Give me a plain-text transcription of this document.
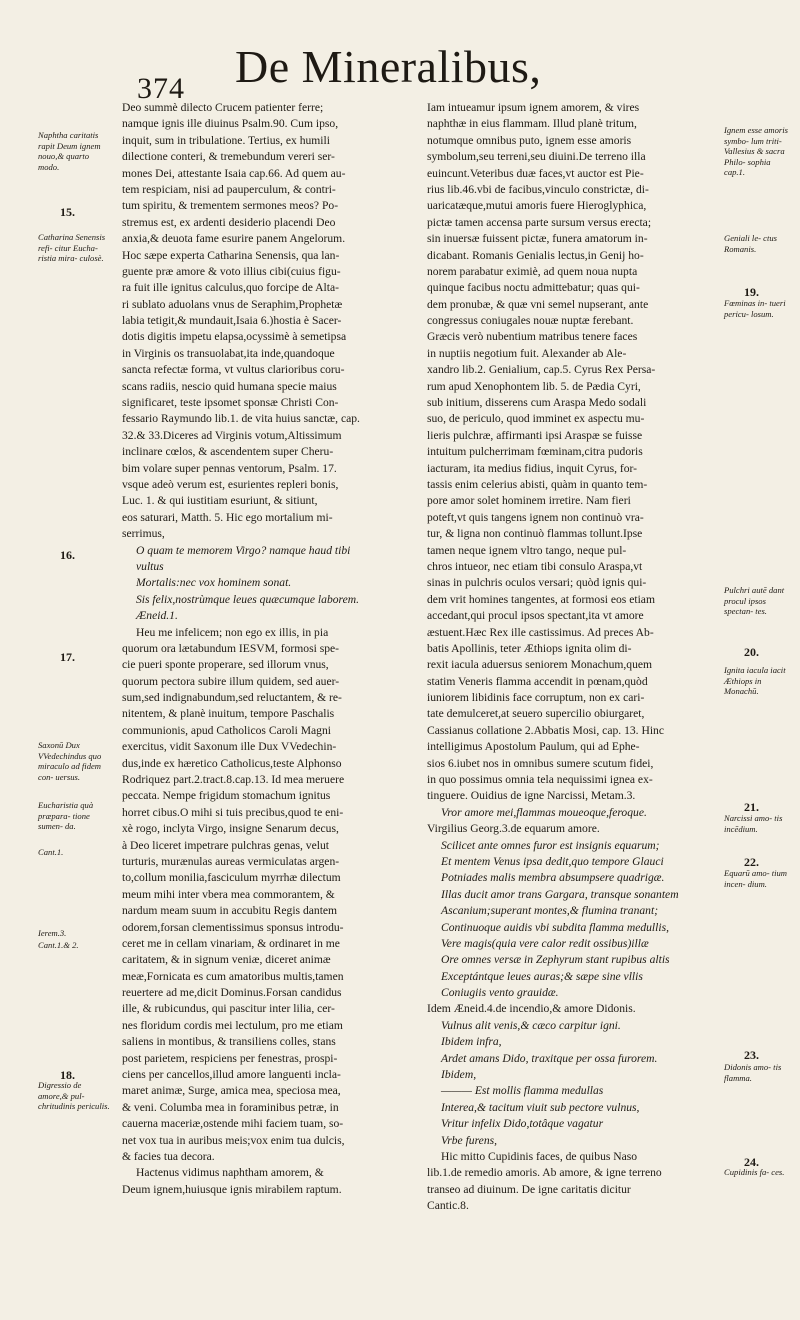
374 De Mineralibus,
Deo summè dilecto Crucem patienter ferre;
namque ignis ille diuinus Psalm.90. Cum ipso,
inquit, sum in tribulatione. Tertius, ex humili
dilectione conteri, & tremebundum vereri ser-
mones Dei, attestante Isaia cap.66. Ad quem au-
tem respiciam, nisi ad pauperculum, & contri-
tum spiritu, & trementem sermones meos? Po-
stremus est, ex ardenti desiderio placendi Deo
anxia,& deuota fame esurire panem Angelorum.
Hoc sæpe experta Catharina Senensis, qua lan-
guente præ amore & voto illius cibi(cuius figu-
ra fuit ille ignitus calculus,quo forcipe de Alta-
ri sublato aduolans vnus de Seraphim,Prophetæ
labia tetigit,& mundauit,Isaia 6.)hostia è Sacer-
dotis digitis impetu elapsa,ocyssimè à semetipsa
in Virginis os transuolabat,ita inde,quandoque
sancta refectæ forma, vt vultus clarioribus coru-
scans radiis, nescio quid humana specie maius
significaret, teste ipsomet sponsæ Christi Con-
fessario Raymundo lib.1. de vita huius sanctæ, cap.
32.& 33.Diceres ad Virginis votum,Altissimum
inclinare cœlos, & ascendentem super Cheru-
bim volare super pennas ventorum, Psalm. 17.
vsque adeò verum est, esurientes repleri bonis,
Luc. 1. & qui iustitiam esuriunt, & sitiunt,
eos saturari, Matth. 5. Hic ego mortalium mi-
serrimus,
O quam te memorem Virgo? namque haud tibi
vultus
Mortalis:nec vox hominem sonat.
Sis felix,nostrùmque leues quæcumque laborem.
Æneid.1.
Heu me infelicem; non ego ex illis, in pia
quorum ora lætabundum IESVM, formosi spe-
cie pueri sponte properare, sed illorum vnus,
quorum pectora subire illum quidem, sed auer-
sum,sed indignabundum,sed reluctantem, & re-
nitentem, & planè inuitum, tempore Paschalis
communionis, apud Catholicos Caroli Magni
exercitus, vidit Saxonum ille Dux VVedechin-
dus,inde ex hæretico Catholicus,teste Alphonso
Rodriquez part.2.tract.8.cap.13. Id mea meruere
peccata. Nempe frigidum stomachum ignitus
horret cibus.O mihi si tuis precibus,quod te eni-
xè rogo, inclyta Virgo, insigne Senarum decus,
à Deo liceret impetrare pulchras genas, velut
turturis, murænulas aureas vermiculatas argen-
to,collum monilia,fasciculum myrrhæ dilectum
meum mihi inter vbera mea commorantem, &
nardum meam suum in accubitu Regis dantem
odorem,forsan clementissimus sponsus introdu-
ceret me in cellam vinariam, & ordinaret in me
caritatem, & in signum veniæ, diceret animæ
meæ,Fornicata es cum amatoribus multis,tamen
reuertere ad me,dicit Dominus.Forsan candidus
ille, & rubicundus, qui pascitur inter lilia, cer-
nes floridum cordis mei lectulum, pro me etiam
saliens in montibus, & transiliens colles, stans
post parietem, respiciens per fenestras, prospi-
ciens per cancellos,illud amore languenti incla-
maret animæ, Surge, amica mea, speciosa mea,
& veni. Columba mea in foraminibus petræ, in
cauerna maceriæ,ostende mihi faciem tuam, so-
net vox tua in auribus meis;vox enim tua dulcis,
& facies tua decora.
Hactenus vidimus naphtham amorem, &
Deum ignem,huiusque ignis mirabilem raptum.
Iam intueamur ipsum ignem amorem, & vires
naphthæ in eius flammam. Illud planè tritum,
notumque omnibus puto, ignem esse amoris
symbolum,seu terreni,seu diuini.De terreno illa
euincunt.Veteribus duæ faces,vt auctor est Pie-
rius lib.46.vbi de facibus,vinculo constrictæ, di-
uaricatæque,mutui amoris fuere Hieroglyphica,
pictæ tamen accensa parte sursum versus erecta;
sin inuersæ fuissent pictæ, funera amatorum in-
dicabant. Romanis Genialis lectus,in Genij ho-
norem parabatur eximiè, ad quem noua nupta
quinque facibus noctu admittebatur; quas qui-
dem pronubæ, & quæ vni semel nupserant, ante
congressus coniugales nouæ nuptæ ferebant.
Græcis verò nubentium matribus tenere faces
in nuptiis negotium fuit. Alexander ab Ale-
xandro lib.2. Genialium, cap.5. Cyrus Rex Persa-
rum apud Xenophontem lib. 5. de Pædia Cyri,
sub initium, disserens cum Araspa Medo sodali
suo, de periculo, quod imminet ex aspectu mu-
lieris pulchræ, affirmanti ipsi Araspæ se fuisse
intuitum pulcherrimam fœminam,citra pudoris
iacturam, ita medius fidius, inquit Cyrus, for-
tassis enim celerius abisti, quàm in quanto tem-
pore amor solet hominem irretire. Nam fieri
poteft,vt quis tangens ignem non continuò vra-
tur, & ligna non continuò flammas tollunt.Ipse
tamen neque ignem vltro tango, neque pul-
chros intueor, nec etiam tibi consulo Araspa,vt
sinas in pulchris oculos versari; quòd ignis qui-
dem vrit homines tangentes, at formosi eos etiam
accedant,qui procul ipsos spectant,ita vt amore
æstuent.Hæc Rex ille castissimus. Ad preces Ab-
batis Apollinis, teter Æthiops ignita olim di-
rexit iacula aduersus seniorem Monachum,quem
statim Veneris flamma accendit in pœnam,quòd
iuniorem libidinis face corruptum, non ex cari-
tate demulceret,at seuero supercilio obiurgaret,
Cassianus collatione 2.Abbatis Mosi, cap. 13. Hinc
intelligimus Apostolum Paulum, qui ad Ephe-
sios 6.iubet nos in omnibus sumere scutum fidei,
in quo possimus omnia tela nequissimi ignea ex-
tinguere. Ouidius de igne Narcissi, Metam.3.
Vror amore mei,flammas moueoque,feroque.
Virgilius Georg.3.de equarum amore.
Scilicet ante omnes furor est insignis equarum;
Et mentem Venus ipsa dedit,quo tempore Glauci
Potniades malis membra absumpsere quadrigæ.
Illas ducit amor trans Gargara, transque sonantem
Ascanium;superant montes,& flumina tranant;
Continuoque auidis vbi subdita flamma medullis,
Vere magis(quia vere calor redit ossibus)illæ
Ore omnes versæ in Zephyrum stant rupibus altis
Exceptántque leues auras;& sæpe sine vllis
Coniugiis vento grauidæ.
Idem Æneid.4.de incendio,& amore Didonis.
Vulnus alit venis,& cæco carpitur igni.
Ibidem infra,
Ardet amans Dido, traxitque per ossa furorem.
Ibidem,
——— Est mollis flamma medullas
Interea,& tacitum viuit sub pectore vulnus,
Vritur infelix Dido,totâque vagatur
Vrbe furens,
Hic mitto Cupidinis faces, de quibus Naso
lib.1.de remedio amoris. Ab amore, & igne terreno
transeo ad diuinum. De igne caritatis dicitur
Cantic.8.
Naphtha caritatis rapit Deum ignem nouo,& quarto modo.
15.
Catharina Senensis refi- citur Eucha- ristia mira- culosè.
16.
17.
Saxonū Dux VVedechindus quo miraculo ad fidem con- uersus.
Eucharistia quà præpara- tione sumen- da.
Cant.1.
Ierem.3.
Cant.1.& 2.
18.
Digressio de amore,& pul- chritudinis periculis.
Ignem esse amoris symbo- lum triti- Vallesius & sacra Philo- sophia cap.1.
Geniali le- ctus Romanis.
19.
Fœminas in- tueri pericu- losum.
Pulchri autē dant procul ipsos spectan- tes.
20.
Ignita iacula iacit Æthiops in Monachū.
21.
Narcissi amo- tis incēdium.
22.
Equarū amo- tium incen- dium.
23.
Didonis amo- tis flamma.
24.
Cupidinis fa- ces.
